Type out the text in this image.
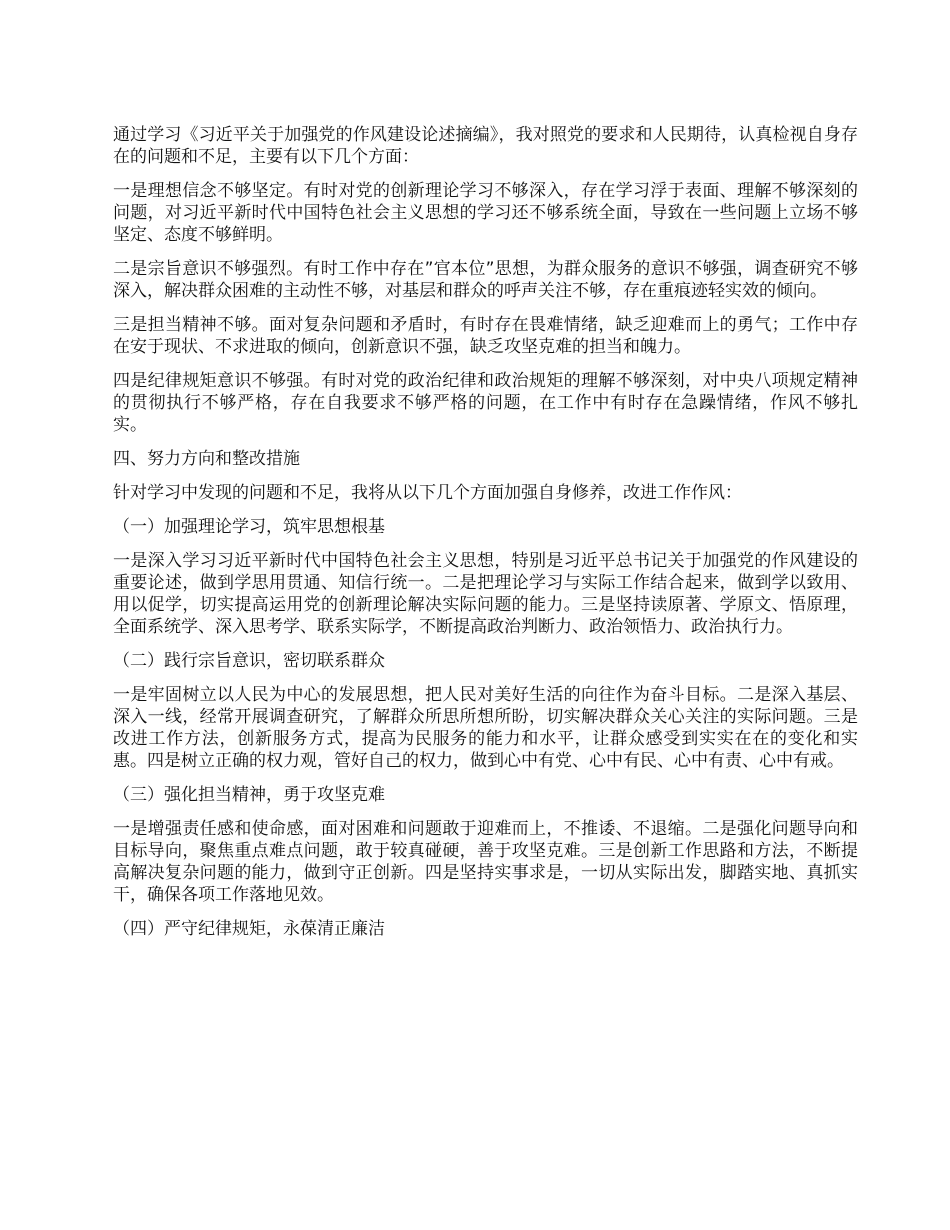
通过学习《习近平关于加强党的作风建设论述摘编》，我对照党的要求和人民期待，认真检视自身存在的问题和不足，主要有以下几个方面：

一是理想信念不够坚定。有时对党的创新理论学习不够深入，存在学习浮于表面、理解不够深刻的问题，对习近平新时代中国特色社会主义思想的学习还不够系统全面，导致在一些问题上立场不够坚定、态度不够鲜明。

二是宗旨意识不够强烈。有时工作中存在”官本位”思想，为群众服务的意识不够强，调查研究不够深入，解决群众困难的主动性不够，对基层和群众的呼声关注不够，存在重痕迹轻实效的倾向。

三是担当精神不够。面对复杂问题和矛盾时，有时存在畏难情绪，缺乏迎难而上的勇气；工作中存在安于现状、不求进取的倾向，创新意识不强，缺乏攻坚克难的担当和魄力。

四是纪律规矩意识不够强。有时对党的政治纪律和政治规矩的理解不够深刻，对中央八项规定精神的贯彻执行不够严格，存在自我要求不够严格的问题，在工作中有时存在急躁情绪，作风不够扎实。

四、努力方向和整改措施

针对学习中发现的问题和不足，我将从以下几个方面加强自身修养，改进工作作风：

（一）加强理论学习，筑牢思想根基

一是深入学习习近平新时代中国特色社会主义思想，特别是习近平总书记关于加强党的作风建设的重要论述，做到学思用贯通、知信行统一。二是把理论学习与实际工作结合起来，做到学以致用、用以促学，切实提高运用党的创新理论解决实际问题的能力。三是坚持读原著、学原文、悟原理，全面系统学、深入思考学、联系实际学，不断提高政治判断力、政治领悟力、政治执行力。

（二）践行宗旨意识，密切联系群众

一是牢固树立以人民为中心的发展思想，把人民对美好生活的向往作为奋斗目标。二是深入基层、深入一线，经常开展调查研究，了解群众所思所想所盼，切实解决群众关心关注的实际问题。三是改进工作方法，创新服务方式，提高为民服务的能力和水平，让群众感受到实实在在的变化和实惠。四是树立正确的权力观，管好自己的权力，做到心中有党、心中有民、心中有责、心中有戒。

（三）强化担当精神，勇于攻坚克难

一是增强责任感和使命感，面对困难和问题敢于迎难而上，不推诿、不退缩。二是强化问题导向和目标导向，聚焦重点难点问题，敢于较真碰硬，善于攻坚克难。三是创新工作思路和方法，不断提高解决复杂问题的能力，做到守正创新。四是坚持实事求是，一切从实际出发，脚踏实地、真抓实干，确保各项工作落地见效。

（四）严守纪律规矩，永葆清正廉洁
